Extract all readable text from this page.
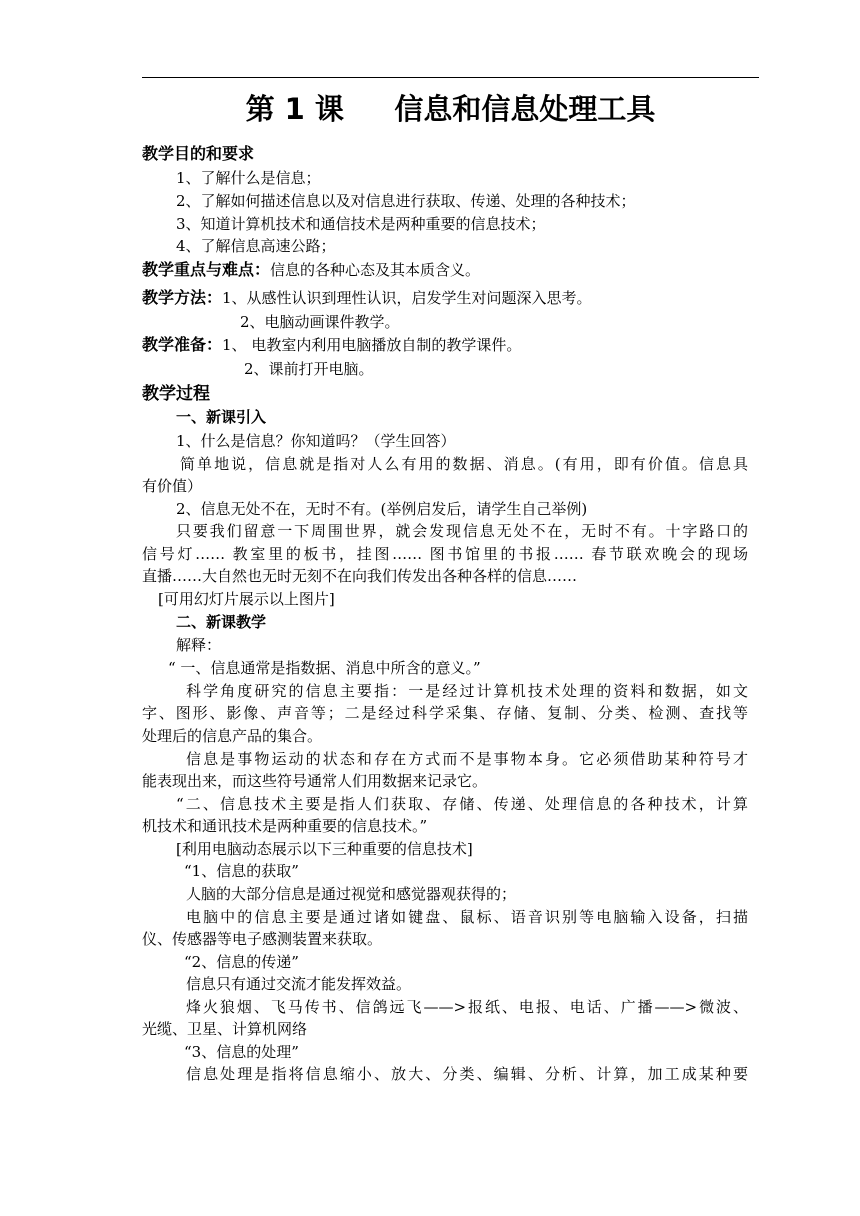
第 1 课     信息和信息处理工具
教学目的和要求
1、了解什么是信息；
2、了解如何描述信息以及对信息进行获取、传递、处理的各种技术；
3、知道计算机技术和通信技术是两种重要的信息技术；
4、了解信息高速公路；
教学重点与难点：信息的各种心态及其本质含义。
教学方法：1、从感性认识到理性认识，启发学生对问题深入思考。
2、电脑动画课件教学。
教学准备：1、 电教室内利用电脑播放自制的教学课件。
2、课前打开电脑。
教学过程
一、新课引入
1、什么是信息？你知道吗？（学生回答）
简单地说，信息就是指对人么有用的数据、消息。(有用，即有价值。信息具
有价值）
2、信息无处不在，无时不有。(举例启发后，请学生自己举例)
只要我们留意一下周围世界，就会发现信息无处不在，无时不有。十字路口的
信号灯…… 教室里的板书，挂图…… 图书馆里的书报…… 春节联欢晚会的现场
直播……大自然也无时无刻不在向我们传发出各种各样的信息……
[可用幻灯片展示以上图片]
二、新课教学
解释：
“ 一、信息通常是指数据、消息中所含的意义。”
科学角度研究的信息主要指：一是经过计算机技术处理的资料和数据，如文
字、图形、影像、声音等；二是经过科学采集、存储、复制、分类、检测、查找等
处理后的信息产品的集合。
信息是事物运动的状态和存在方式而不是事物本身。它必须借助某种符号才
能表现出来，而这些符号通常人们用数据来记录它。
“二、信息技术主要是指人们获取、存储、传递、处理信息的各种技术，计算
机技术和通讯技术是两种重要的信息技术。”
[利用电脑动态展示以下三种重要的信息技术]
“1、信息的获取”
人脑的大部分信息是通过视觉和感觉器观获得的；
电脑中的信息主要是通过诸如键盘、鼠标、语音识别等电脑输入设备，扫描
仪、传感器等电子感测装置来获取。
“2、信息的传递”
信息只有通过交流才能发挥效益。
烽火狼烟、飞马传书、信鸽远飞——>报纸、电报、电话、广播——>微波、
光缆、卫星、计算机网络
“3、信息的处理”
信息处理是指将信息缩小、放大、分类、编辑、分析、计算，加工成某种要
